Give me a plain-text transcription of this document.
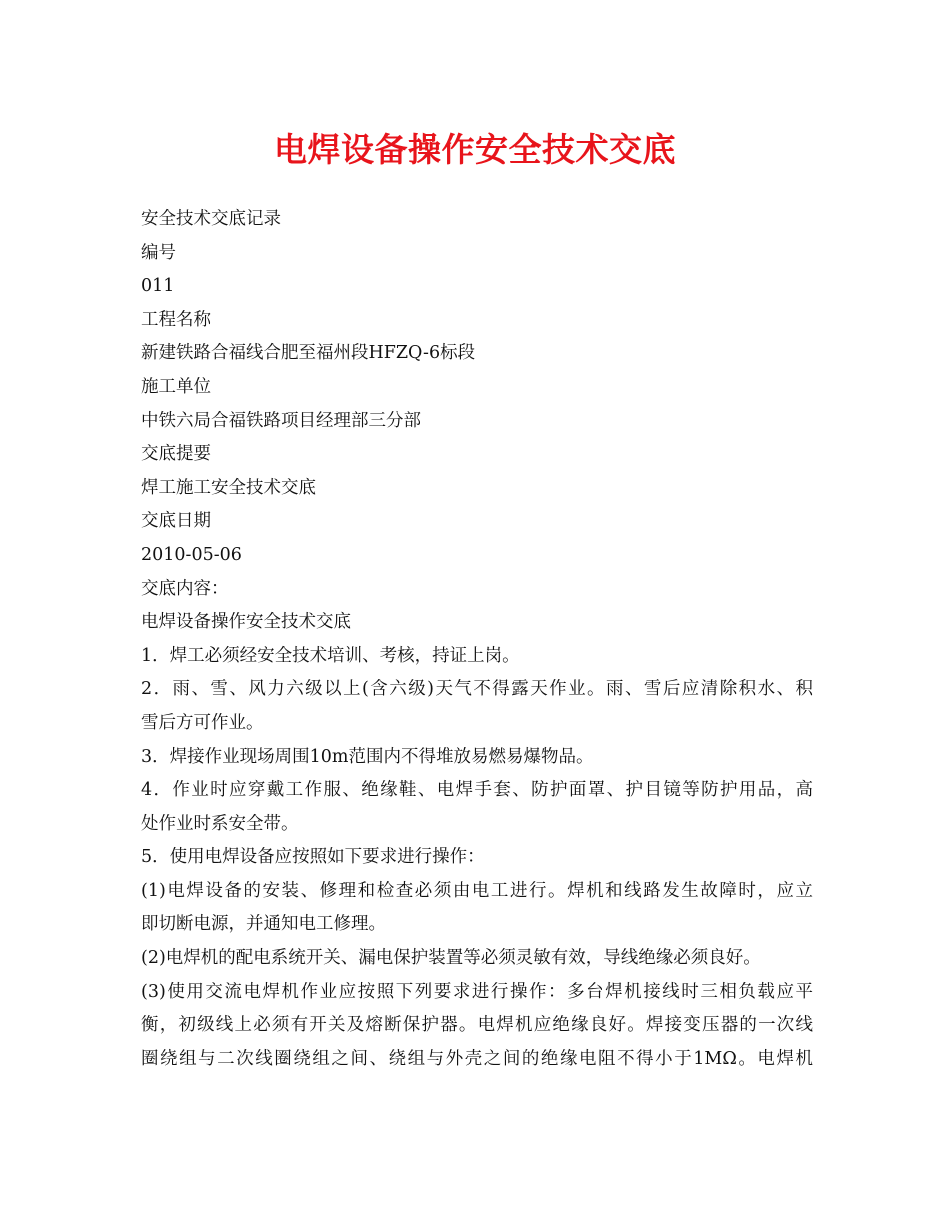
电焊设备操作安全技术交底
安全技术交底记录
编号
011
工程名称
新建铁路合福线合肥至福州段HFZQ-6标段
施工单位
中铁六局合福铁路项目经理部三分部
交底提要
焊工施工安全技术交底
交底日期
2010-05-06
交底内容：
电焊设备操作安全技术交底
1．焊工必须经安全技术培训、考核，持证上岗。
2．雨、雪、风力六级以上(含六级)天气不得露天作业。雨、雪后应清除积水、积
雪后方可作业。
3．焊接作业现场周围10m范围内不得堆放易燃易爆物品。
4．作业时应穿戴工作服、绝缘鞋、电焊手套、防护面罩、护目镜等防护用品，高
处作业时系安全带。
5．使用电焊设备应按照如下要求进行操作：
(1)电焊设备的安装、修理和检查必须由电工进行。焊机和线路发生故障时，应立
即切断电源，并通知电工修理。
(2)电焊机的配电系统开关、漏电保护装置等必须灵敏有效，导线绝缘必须良好。
(3)使用交流电焊机作业应按照下列要求进行操作：多台焊机接线时三相负载应平
衡，初级线上必须有开关及熔断保护器。电焊机应绝缘良好。焊接变压器的一次线
圈绕组与二次线圈绕组之间、绕组与外壳之间的绝缘电阻不得小于1MΩ。电焊机
